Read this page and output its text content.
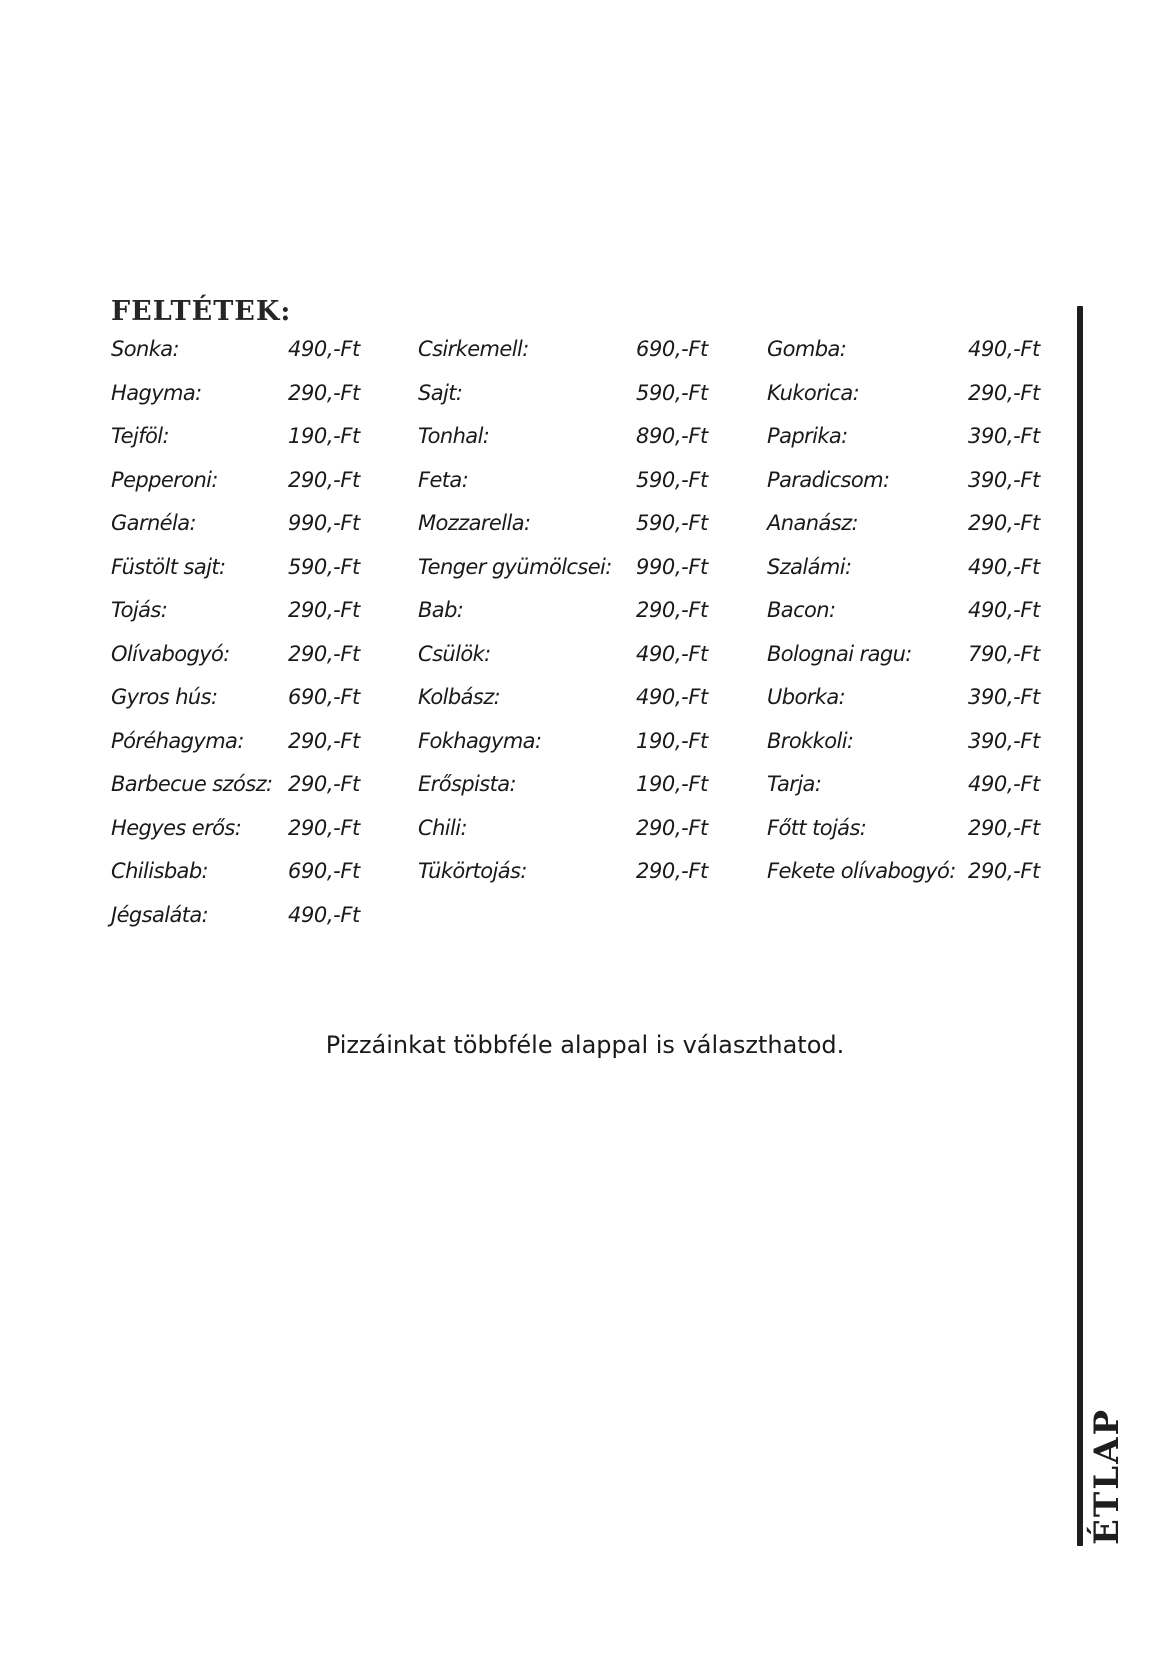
FELTÉTEK:
Sonka:	490,-Ft
Hagyma:	290,-Ft
Tejföl:	190,-Ft
Pepperoni:	290,-Ft
Garnéla:	990,-Ft
Füstölt sajt:	590,-Ft
Tojás:	290,-Ft
Olívabogyó:	290,-Ft
Gyros hús:	690,-Ft
Póréhagyma: 290,-Ft
Barbecue szósz: 290,-Ft
Hegyes erős: 290,-Ft
Chilisbab:	690,-Ft
Jégsaláta:	490,-Ft
Csirkemell:	690,-Ft
Sajt:	590,-Ft
Tonhal:	890,-Ft
Feta:	590,-Ft
Mozzarella:	590,-Ft
Tenger gyümölcsei: 990,-Ft
Bab:	290,-Ft
Csülök:	490,-Ft
Kolbász:	490,-Ft
Fokhagyma:	190,-Ft
Erőspista:	190,-Ft
Chili:	290,-Ft
Tükörtojás:	290,-Ft
Gomba:	490,-Ft
Kukorica:	290,-Ft
Paprika:	390,-Ft
Paradicsom:	390,-Ft
Ananász:	290,-Ft
Szalámi:	490,-Ft
Bacon:	490,-Ft
Bolognai ragu:	790,-Ft
Uborka:	390,-Ft
Brokkoli:	390,-Ft
Tarja:	490,-Ft
Főtt tojás:	290,-Ft
Fekete olívabogyó: 290,-Ft

Pizzáinkat többféle alappal is választhatod.

ÉTLAP
